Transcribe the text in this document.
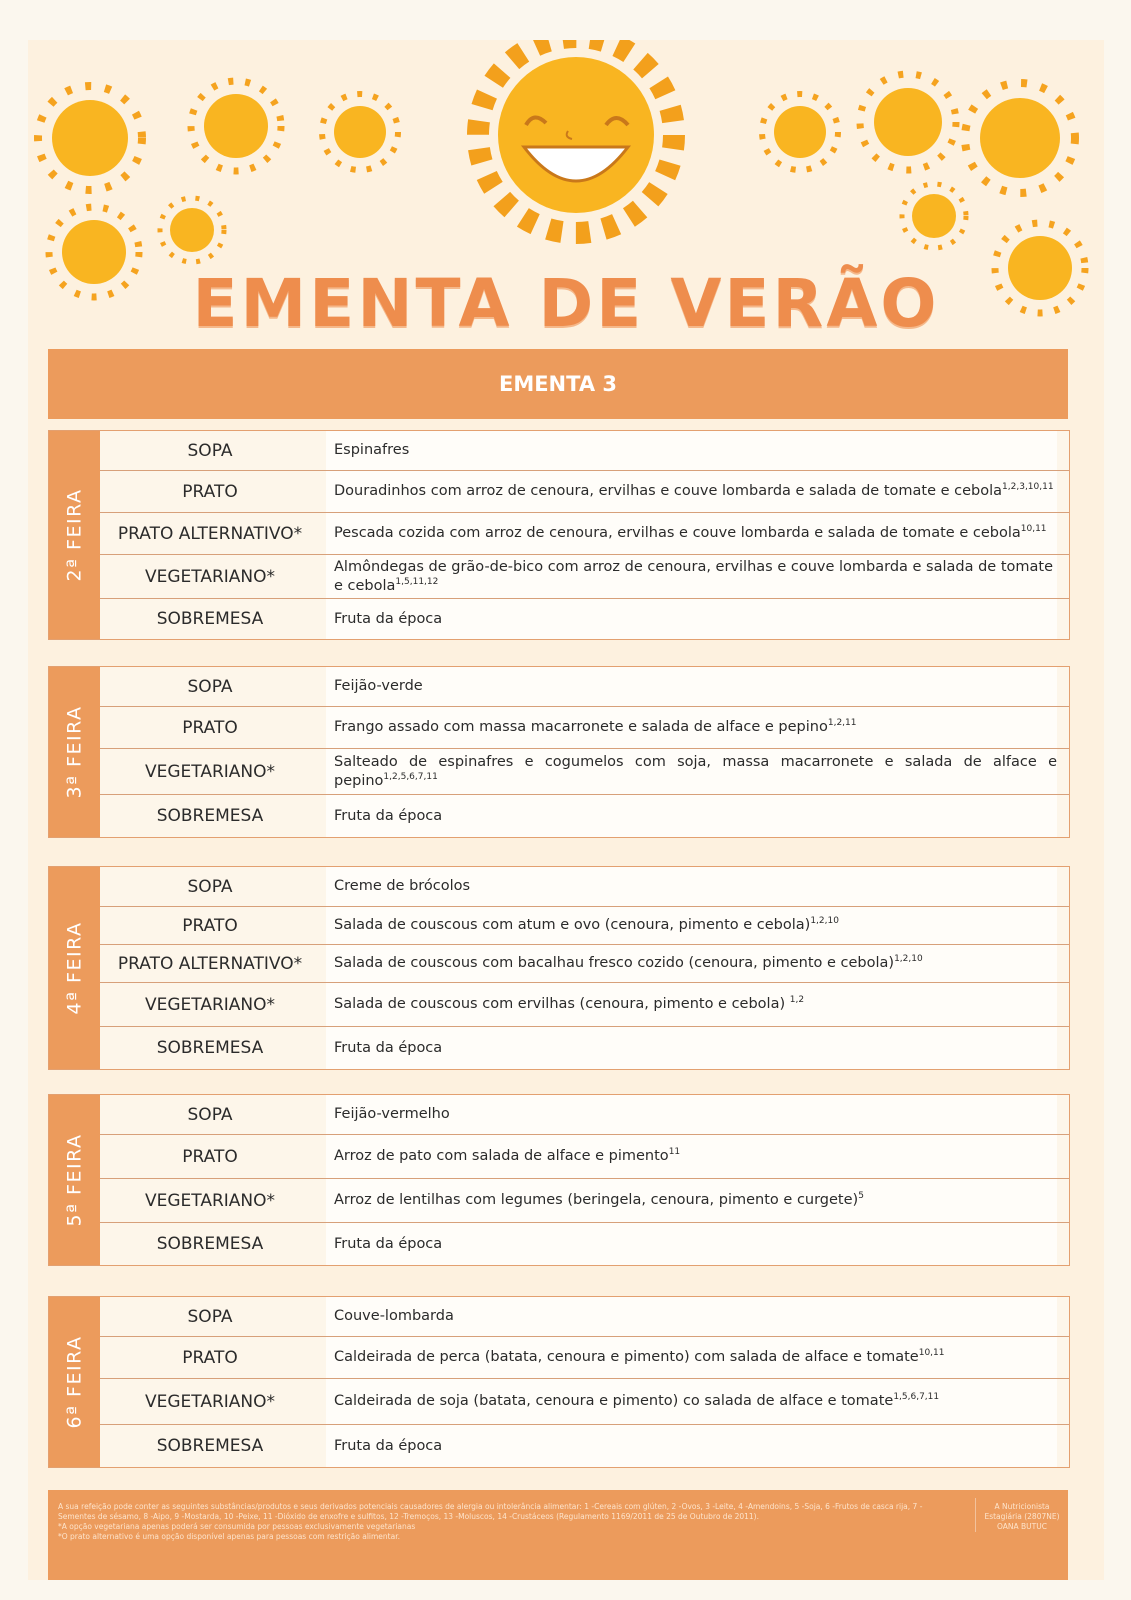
EMENTA DE VERÃO
EMENTA 3
2ª FEIRA
SOPA	Espinafres
PRATO	Douradinhos com arroz de cenoura, ervilhas e couve lombarda e salada de tomate e cebola$^{1,2,3,10,11}$
PRATO ALTERNATIVO*	Pescada cozida com arroz de cenoura, ervilhas e couve lombarda e salada de tomate e cebola$^{10,11}$
VEGETARIANO*	Almôndegas de grão-de-bico com arroz de cenoura, ervilhas e couve lombarda e salada de tomate e cebola$^{1,5,11,12}$
SOBREMESA	Fruta da época
3ª FEIRA
SOPA	Feijão-verde
PRATO	Frango assado com massa macarronete e salada de alface e pepino$^{1,2,11}$
VEGETARIANO*	Salteado de espinafres e cogumelos com soja, massa macarronete e salada de alface e pepino$^{1,2,5,6,7,11}$
SOBREMESA	Fruta da época
4ª FEIRA
SOPA	Creme de brócolos
PRATO	Salada de couscous com atum e ovo (cenoura, pimento e cebola)$^{1,2,10}$
PRATO ALTERNATIVO*	Salada de couscous com bacalhau fresco cozido (cenoura, pimento e cebola)$^{1,2,10}$
VEGETARIANO*	Salada de couscous com ervilhas (cenoura, pimento e cebola) $^{1,2}$
SOBREMESA	Fruta da época
5ª FEIRA
SOPA	Feijão-vermelho
PRATO	Arroz de pato com salada de alface e pimento$^{11}$
VEGETARIANO*	Arroz de lentilhas com legumes (beringela, cenoura, pimento e curgete)$^5$
SOBREMESA	Fruta da época
6ª FEIRA
SOPA	Couve-lombarda
PRATO	Caldeirada de perca (batata, cenoura e pimento) com salada de alface e tomate$^{10,11}$
VEGETARIANO*	Caldeirada de soja (batata, cenoura e pimento) co salada de alface e tomate$^{1,5,6,7,11}$
SOBREMESA	Fruta da época
A sua refeição pode conter as seguintes substâncias/produtos e seus derivados potenciais causadores de alergia ou intolerância alimentar: 1 -Cereais com glúten, 2 -Ovos, 3 -Leite, 4 -Amendoins, 5 -Soja, 6 -Frutos de casca rija, 7 -Sementes de sésamo, 8 -Aipo, 9 -Mostarda, 10 -Peixe, 11 -Dióxido de enxofre e sulfitos, 12 -Tremoços, 13 -Moluscos, 14 -Crustáceos (Regulamento 1169/2011 de 25 de Outubro de 2011).
*A opção vegetariana apenas poderá ser consumida por pessoas exclusivamente vegetarianas
*O prato alternativo é uma opção disponível apenas para pessoas com restrição alimentar.
A Nutricionista
Estagiária (2807NE)
OANA BUTUC
